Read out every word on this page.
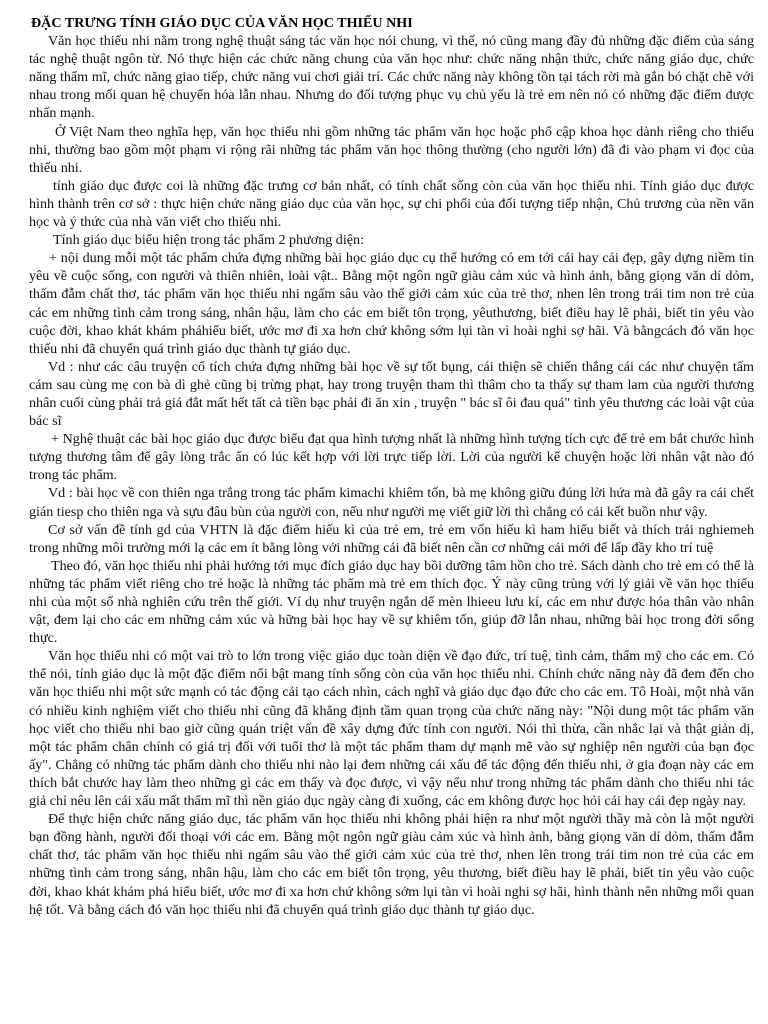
ĐẶC TRƯNG TÍNH GIÁO DỤC CỦA VĂN HỌC THIẾU NHI

Văn học thiếu nhi nằm trong nghệ thuật sáng tác văn học nói chung, vì thế, nó cũng mang đầy đủ những đặc điểm của sáng tác nghệ thuật ngôn từ. Nó thực hiện các chức năng chung của văn học như: chức năng nhận thức, chức năng giáo dục, chức năng thẩm mĩ, chức năng giao tiếp, chức năng vui chơi giải trí. Các chức năng này không tồn tại tách rời mà gắn bó chặt chẽ với nhau trong mối quan hệ chuyển hóa lẫn nhau. Nhưng do đối tượng phục vụ chủ yếu là trẻ em nên nó có những đặc điểm được nhấn mạnh.

Ở Việt Nam theo nghĩa hẹp, văn học thiếu nhi gồm những tác phẩm văn học hoặc phổ cập khoa học dành riêng cho thiếu nhi, thường bao gồm một phạm vi rộng rãi những tác phẩm văn học thông thường (cho người lớn) đã đi vào phạm vi đọc của thiếu nhi.

tính giáo dục được coi là những đặc trưng cơ bản nhất, có tính chất sống còn của văn học thiếu nhi. Tính giáo dục được hình thành trên cơ sở : thực hiện chức năng giáo dục của văn học, sự chi phối của đối tượng tiếp nhận, Chủ trương của nền văn học và ý thức của nhà văn viết cho thiếu nhi.

Tính giáo dục biểu hiện trong tác phẩm 2 phương diện:

+ nội dung mỗi một tác phẩm chứa đựng những bài học giáo dục cụ thể hướng có em tới cái hay cái đẹp, gây dựng niềm tin yêu về cuộc sống, con người và thiên nhiên, loài vật.. Bằng một ngôn ngữ giàu cảm xúc và hình ảnh, bằng giọng văn dí dỏm, thấm đẫm chất thơ, tác phẩm văn học thiếu nhi ngấm sâu vào thế giới cảm xúc của trẻ thơ, nhen lên trong trái tim non trẻ của các em những tình cảm trong sáng, nhân hậu, làm cho các em biết tôn trọng, yêuthương, biết điều hay lẽ phải, biết tin yêu vào cuộc đời, khao khát khám pháhiểu biết, ước mơ đi xa hơn chứ không sớm lụi tàn vì hoài nghi sợ hãi. Và bằngcách đó văn học thiếu nhi đã chuyển quá trình giáo dục thành tự giáo dục.

Vd : như các câu truyện cổ tích chứa đựng những bài học về sự tốt bụng, cái thiện sẽ chiến thắng cái các như chuyện tấm cám sau cùng mẹ con bà dì ghẻ cũng bị trừng phạt, hay trong truyện tham thì thâm cho ta thấy sự tham lam của người thương nhân cuối cùng phải trả giá đắt mất hết tất cả tiền bạc phải đi ăn xin , truyện " bác sĩ ôi đau quá" tình yêu thương các loài vật của bác sĩ

+ Nghệ thuật các bài học giáo dục được biểu đạt qua hình tượng nhất là những hình tượng tích cực để trẻ em bắt chước hình tượng thương tâm để gây lòng trắc ẩn có lúc kết hợp với lời trực tiếp lời. Lời của người kể chuyện hoặc lời nhân vật nào đó trong tác phẩm.

Vd : bài học về con thiên nga trắng trong tác phẩm kimachi khiêm tốn, bà mẹ không giữu đúng lời hứa mà đã gây ra cái chết gián tiesp cho thiên nga và sựu đâu bùn của người con, nếu như người mẹ viết giữ lời thì chẳng có cái kết buồn như vậy.

Cơ sở vấn đề tính gd của VHTN là đặc điểm hiếu kì của trẻ em, trẻ em vốn hiếu kì ham hiểu biết và thích trải nghiemeh trong những môi trường mới lạ các em ít bằng lòng với những cái đã biết nên cần cơ những cái mới để lấp đầy kho trí tuệ

Theo đó, văn học thiếu nhi phải hướng tới mục đích giáo dục hay bồi dưỡng tâm hồn cho trẻ. Sách dành cho trẻ em có thể là những tác phẩm viết riêng cho trẻ hoặc là những tác phẩm mà trẻ em thích đọc. Ý này cũng trùng với lý giải về văn học thiếu nhi của một số nhà nghiên cứu trên thế giới. Ví dụ như truyện ngắn dế mèn lhieeu lưu kí, các em như được hóa thân vào nhân vật, đem lại cho các em những cảm xúc và hững bài học hay về sự khiêm tốn, giúp đỡ lẫn nhau, những bài học trong đời sống thực.

Văn học thiếu nhi có một vai trò to lớn trong việc giáo dục toàn diện về đạo đức, trí tuệ, tình cảm, thẩm mỹ cho các em. Có thể nói, tính giáo dục là một đặc điểm nổi bật mang tính sống còn của văn học thiếu nhi. Chính chức năng này đã đem đến cho văn học thiếu nhi một sức mạnh có tác động cải tạo cách nhìn, cách nghĩ và giáo dục đạo đức cho các em. Tô Hoài, một nhà văn có nhiều kinh nghiệm viết cho thiếu nhi cũng đã khẳng định tầm quan trọng của chức năng này: "Nội dung một tác phẩm văn học viết cho thiếu nhi bao giờ cũng quán triệt vấn đề xây dựng đức tính con người. Nói thì thừa, cần nhắc lại và thật giản dị, một tác phẩm chân chính có giá trị đối với tuổi thơ là một tác phẩm tham dự mạnh mẽ vào sự nghiệp nên người của bạn đọc ấy". Chẳng có những tác phẩm dành cho thiếu nhi nào lại đem những cái xấu để tác động đến thiếu nhi, ở gia đoạn này các em thích bắt chước hay làm theo những gì các em thấy và đọc được, vì vậy nếu như trong những tác phẩm dành cho thiếu nhi tác giả chỉ nêu lên cái xấu mất thẩm mĩ thì nền giáo dục ngày càng đi xuống, các em không được học hỏi cái hay cái đẹp ngày nay.

Để thực hiện chức năng giáo dục, tác phẩm văn học thiếu nhi không phải hiện ra như một người thầy mà còn là một người bạn đồng hành, người đối thoại với các em. Bằng một ngôn ngữ giàu cảm xúc và hình ảnh, bằng giọng văn dí dỏm, thấm đẫm chất thơ, tác phẩm văn học thiếu nhi ngấm sâu vào thế giới cảm xúc của trẻ thơ, nhen lên trong trái tim non trẻ của các em những tình cảm trong sáng, nhân hậu, làm cho các em biết tôn trọng, yêu thương, biết điều hay lẽ phải, biết tin yêu vào cuộc đời, khao khát khám phá hiểu biết, ước mơ đi xa hơn chứ không sớm lụi tàn vì hoài nghi sợ hãi, hình thành nên những mối quan hệ tốt. Và bằng cách đó văn học thiếu nhi đã chuyển quá trình giáo dục thành tự giáo dục.
